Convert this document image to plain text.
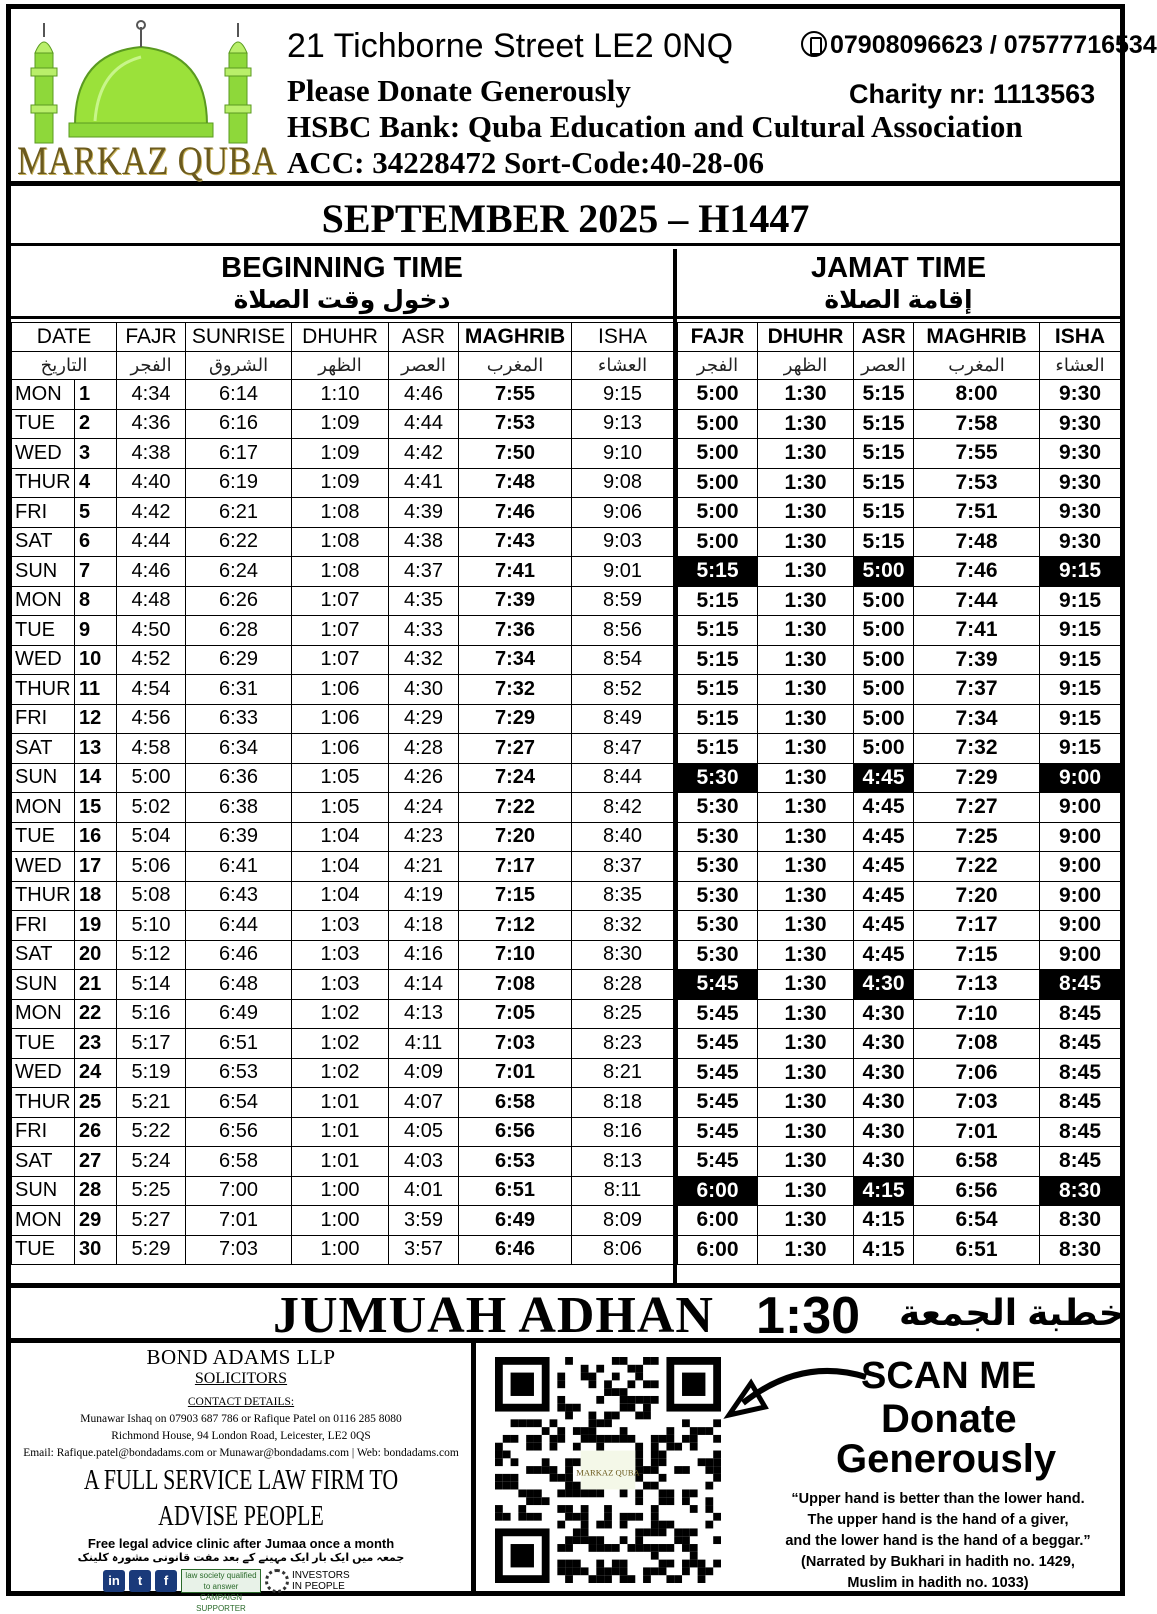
MARKAZ QUBA
21 Tichborne Street LE2 0NQ	07908096623 / 07577716534
Please Donate Generously	Charity nr: 1113563
HSBC Bank: Quba Education and Cultural Association
ACC: 34228472 Sort-Code:40-28-06
SEPTEMBER 2025 – H1447
BEGINNING TIME
دخول وقت الصلاة
JAMAT TIME
إقامة الصلاة
DATE		FAJR	SUNRISE	DHUHR	ASR	MAGHRIB	ISHA
التاريخ		الفجر	الشروق	الظهر	العصر	المغرب	العشاء
MON	1	4:34	6:14	1:10	4:46	7:55	9:15
TUE	2	4:36	6:16	1:09	4:44	7:53	9:13
WED	3	4:38	6:17	1:09	4:42	7:50	9:10
THUR	4	4:40	6:19	1:09	4:41	7:48	9:08
FRI	5	4:42	6:21	1:08	4:39	7:46	9:06
SAT	6	4:44	6:22	1:08	4:38	7:43	9:03
SUN	7	4:46	6:24	1:08	4:37	7:41	9:01
MON	8	4:48	6:26	1:07	4:35	7:39	8:59
TUE	9	4:50	6:28	1:07	4:33	7:36	8:56
WED	10	4:52	6:29	1:07	4:32	7:34	8:54
THUR	11	4:54	6:31	1:06	4:30	7:32	8:52
FRI	12	4:56	6:33	1:06	4:29	7:29	8:49
SAT	13	4:58	6:34	1:06	4:28	7:27	8:47
SUN	14	5:00	6:36	1:05	4:26	7:24	8:44
MON	15	5:02	6:38	1:05	4:24	7:22	8:42
TUE	16	5:04	6:39	1:04	4:23	7:20	8:40
WED	17	5:06	6:41	1:04	4:21	7:17	8:37
THUR	18	5:08	6:43	1:04	4:19	7:15	8:35
FRI	19	5:10	6:44	1:03	4:18	7:12	8:32
SAT	20	5:12	6:46	1:03	4:16	7:10	8:30
SUN	21	5:14	6:48	1:03	4:14	7:08	8:28
MON	22	5:16	6:49	1:02	4:13	7:05	8:25
TUE	23	5:17	6:51	1:02	4:11	7:03	8:23
WED	24	5:19	6:53	1:02	4:09	7:01	8:21
THUR	25	5:21	6:54	1:01	4:07	6:58	8:18
FRI	26	5:22	6:56	1:01	4:05	6:56	8:16
SAT	27	5:24	6:58	1:01	4:03	6:53	8:13
SUN	28	5:25	7:00	1:00	4:01	6:51	8:11
MON	29	5:27	7:01	1:00	3:59	6:49	8:09
TUE	30	5:29	7:03	1:00	3:57	6:46	8:06
FAJR	DHUHR	ASR	MAGHRIB	ISHA
الفجر	الظهر	العصر	المغرب	العشاء
5:00	1:30	5:15	8:00	9:30
5:00	1:30	5:15	7:58	9:30
5:00	1:30	5:15	7:55	9:30
5:00	1:30	5:15	7:53	9:30
5:00	1:30	5:15	7:51	9:30
5:00	1:30	5:15	7:48	9:30
5:15	1:30	5:00	7:46	9:15
5:15	1:30	5:00	7:44	9:15
5:15	1:30	5:00	7:41	9:15
5:15	1:30	5:00	7:39	9:15
5:15	1:30	5:00	7:37	9:15
5:15	1:30	5:00	7:34	9:15
5:15	1:30	5:00	7:32	9:15
5:30	1:30	4:45	7:29	9:00
5:30	1:30	4:45	7:27	9:00
5:30	1:30	4:45	7:25	9:00
5:30	1:30	4:45	7:22	9:00
5:30	1:30	4:45	7:20	9:00
5:30	1:30	4:45	7:17	9:00
5:30	1:30	4:45	7:15	9:00
5:45	1:30	4:30	7:13	8:45
5:45	1:30	4:30	7:10	8:45
5:45	1:30	4:30	7:08	8:45
5:45	1:30	4:30	7:06	8:45
5:45	1:30	4:30	7:03	8:45
5:45	1:30	4:30	7:01	8:45
5:45	1:30	4:30	6:58	8:45
6:00	1:30	4:15	6:56	8:30
6:00	1:30	4:15	6:54	8:30
6:00	1:30	4:15	6:51	8:30
JUMUAH ADHAN 1:30 خطبة الجمعة
BOND ADAMS LLP
SOLICITORS
CONTACT DETAILS:
Munawar Ishaq on 07903 687 786 or Rafique Patel on 0116 285 8080
Richmond House, 94 London Road, Leicester, LE2 0QS
Email: Rafique.patel@bondadams.com or Munawar@bondadams.com | Web: bondadams.com
A FULL SERVICE LAW FIRM TO
ADVISE PEOPLE
Free legal advice clinic after Jumaa once a month
جمعہ میں ایک بار ایک مہینے کے بعد مفت قانونی مشورہ کلینک
in	t	f	law society qualified to answer
CAMPAIGN SUPPORTER
INVESTORS IN PEOPLE
MARKAZ QUBA
SCAN ME
Donate
Generously
“Upper hand is better than the lower hand.
The upper hand is the hand of a giver,
and the lower hand is the hand of a beggar.”
(Narrated by Bukhari in hadith no. 1429,
Muslim in hadith no. 1033)
